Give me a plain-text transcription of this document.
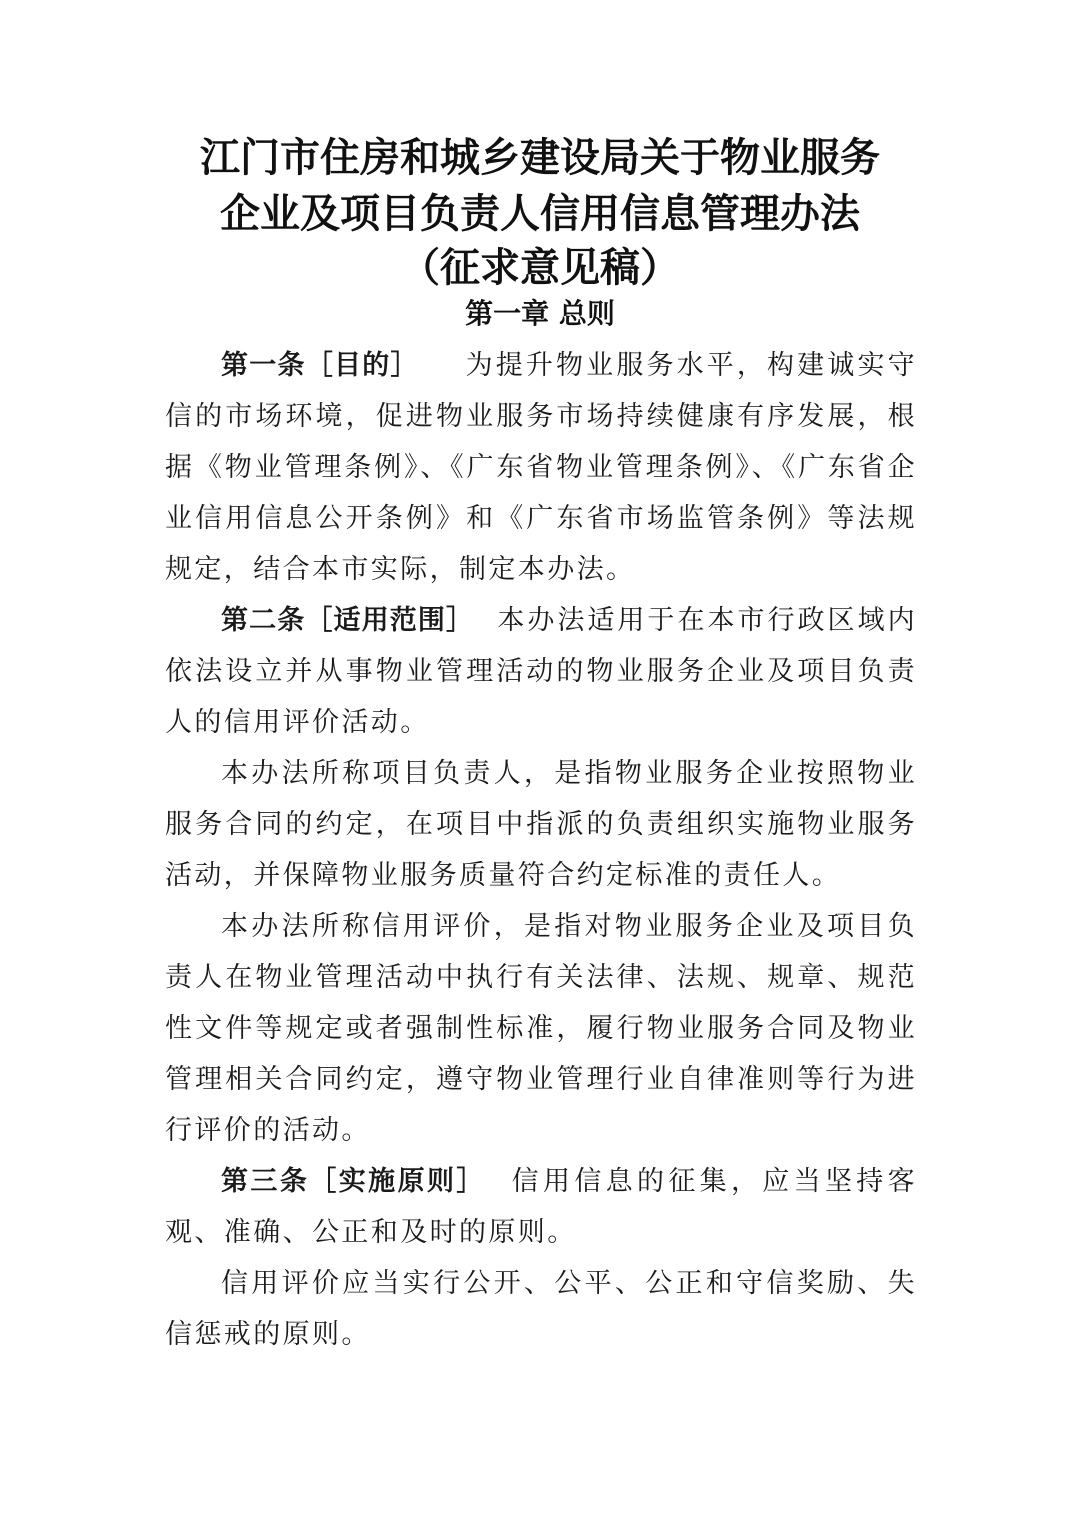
江门市住房和城乡建设局关于物业服务
企业及项目负责人信用信息管理办法
（征求意见稿）
第一章 总则

第一条［目的］    为提升物业服务水平，构建诚实守信的市场环境，促进物业服务市场持续健康有序发展，根据《物业管理条例》、《广东省物业管理条例》、《广东省企业信用信息公开条例》和《广东省市场监管条例》等法规规定，结合本市实际，制定本办法。

第二条［适用范围］  本办法适用于在本市行政区域内依法设立并从事物业管理活动的物业服务企业及项目负责人的信用评价活动。

本办法所称项目负责人，是指物业服务企业按照物业服务合同的约定，在项目中指派的负责组织实施物业服务活动，并保障物业服务质量符合约定标准的责任人。

本办法所称信用评价，是指对物业服务企业及项目负责人在物业管理活动中执行有关法律、法规、规章、规范性文件等规定或者强制性标准，履行物业服务合同及物业管理相关合同约定，遵守物业管理行业自律准则等行为进行评价的活动。

第三条［实施原则］  信用信息的征集，应当坚持客观、准确、公正和及时的原则。

信用评价应当实行公开、公平、公正和守信奖励、失信惩戒的原则。
